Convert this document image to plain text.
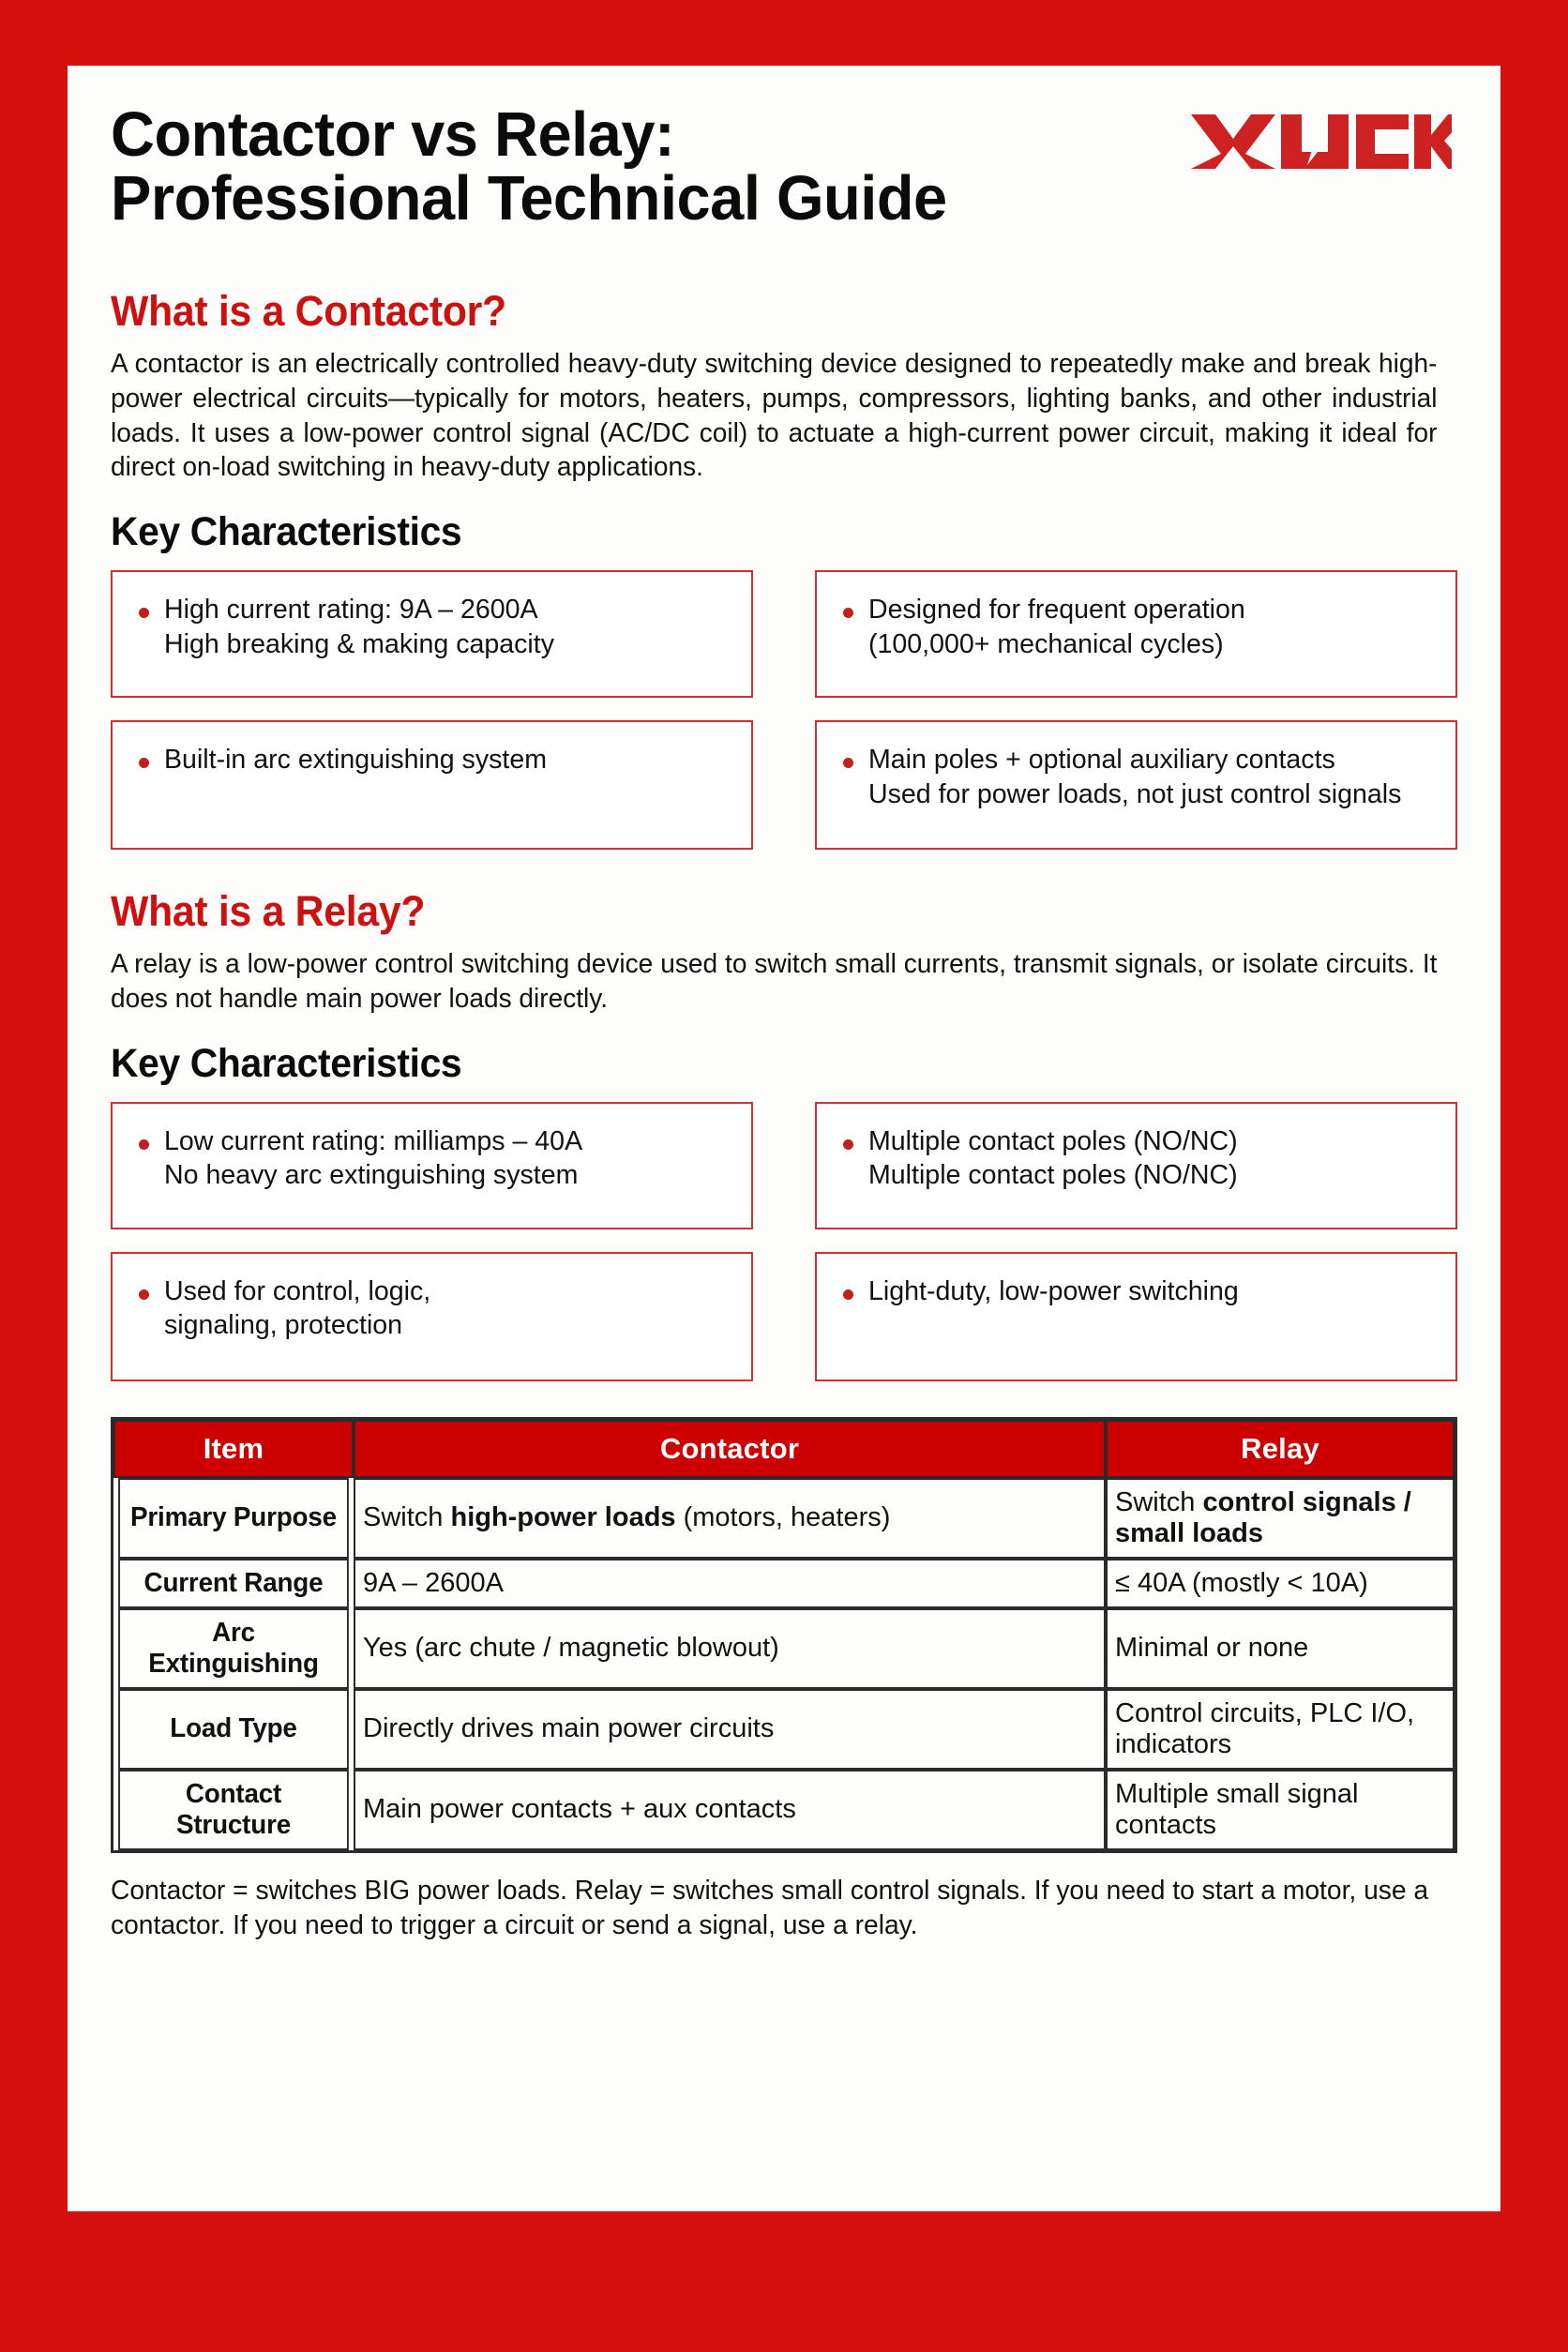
Contactor vs Relay:
Professional Technical Guide
What is a Contactor?

A contactor is an electrically controlled heavy-duty switching device designed to repeatedly make and break high-power electrical circuits—typically for motors, heaters, pumps, compressors, lighting banks, and other industrial loads. It uses a low-power control signal (AC/DC coil) to actuate a high-current power circuit, making it ideal for direct on-load switching in heavy-duty applications.

Key Characteristics
High current rating: 9A – 2600A
High breaking & making capacity
Designed for frequent operation
(100,000+ mechanical cycles)
Built-in arc extinguishing system	Main poles + optional auxiliary contacts
Used for power loads, not just control signals
What is a Relay?

A relay is a low-power control switching device used to switch small currents, transmit signals, or isolate circuits. It does not handle main power loads directly.

Key Characteristics
Low current rating: milliamps – 40A
No heavy arc extinguishing system
Multiple contact poles (NO/NC)
Multiple contact poles (NO/NC)
Used for control, logic,
signaling, protection
Light-duty, low-power switching
Item	Contactor	Relay
Primary Purpose	Switch high-power loads (motors, heaters)	Switch control signals / small loads
Current Range	9A – 2600A	≤ 40A (mostly < 10A)
Arc Extinguishing	Yes (arc chute / magnetic blowout)	Minimal or none
Load Type	Directly drives main power circuits	Control circuits, PLC I/O, indicators
Contact Structure	Main power contacts + aux contacts	Multiple small signal contacts

Contactor = switches BIG power loads. Relay = switches small control signals. If you need to start a motor, use a contactor. If you need to trigger a circuit or send a signal, use a relay.
